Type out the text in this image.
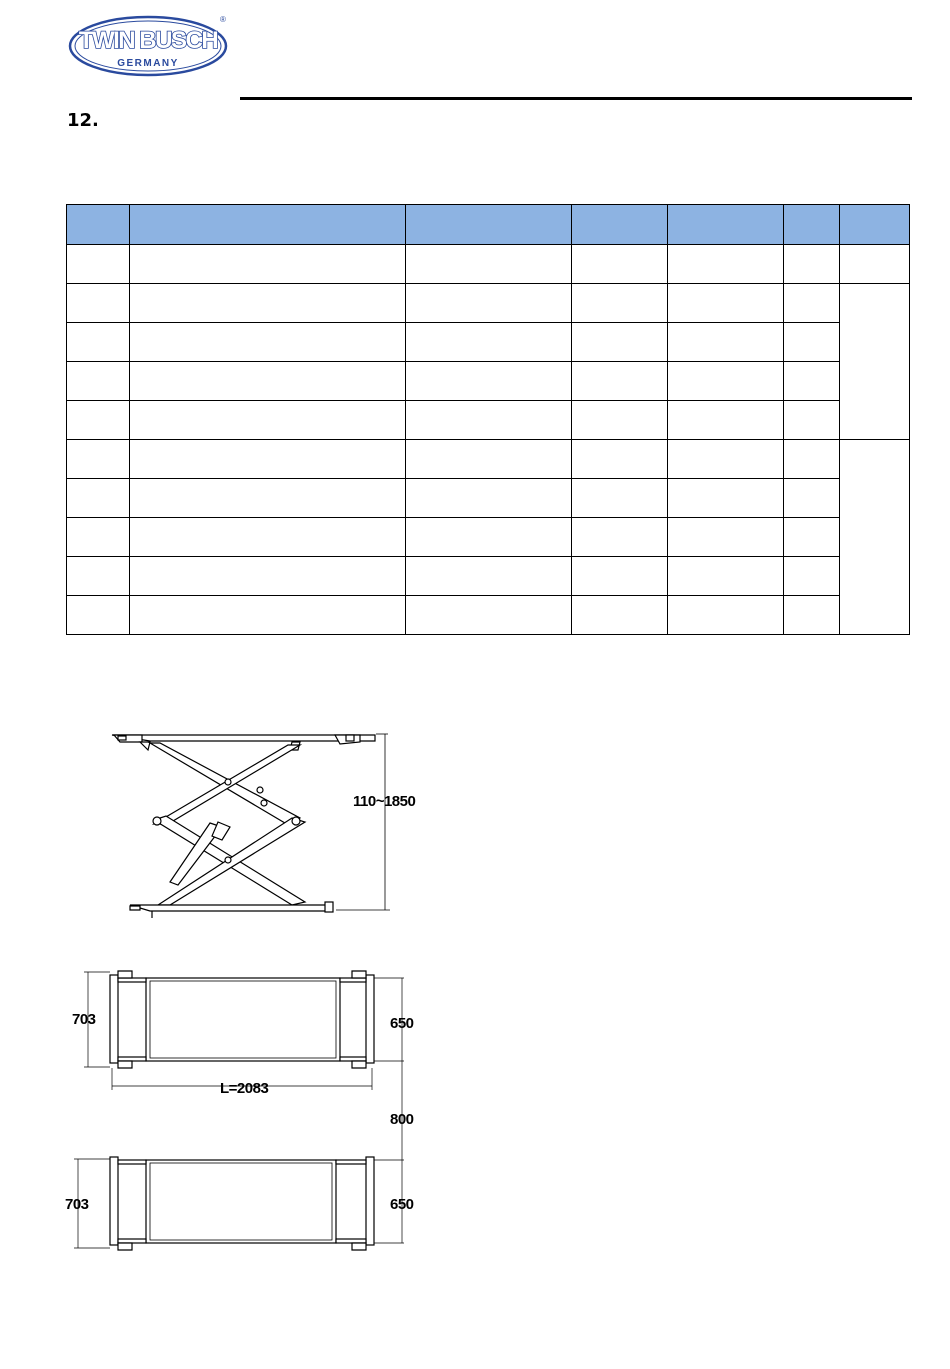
TWIN BUSCH
GERMANY
®
12.

110~1850
703	650
L=2083
800
703	650
